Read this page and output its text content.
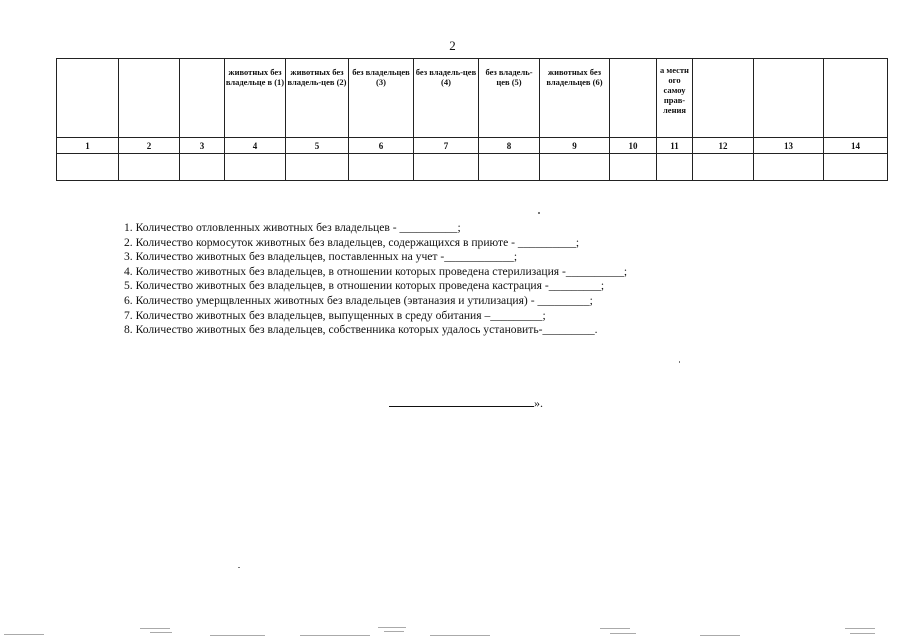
2
			животных без владельце в (1)	животных без владель-цев (2)	без владельцев (3)	без владель-цев (4)	без владель-цев (5)	животных без владельцев (6)		а местн ого самоу прав-ления			
1	2	3	4	5	6	7	8	9	10	11	12	13	14

1. Количество отловленных животных без владельцев - __________;
2. Количество кормосуток животных без владельцев, содержащихся в приюте - __________;
3. Количество животных без владельцев, поставленных на учет -____________;
4. Количество животных без владельцев, в отношении которых проведена стерилизация -__________;
5. Количество животных без владельцев, в отношении которых проведена кастрация -_________;
6. Количество умерщвленных животных без владельцев (эвтаназия и утилизация) - _________;
7. Количество животных без владельцев, выпущенных в среду обитания –_________;
8. Количество животных без владельцев, собственника которых удалось установить-_________.
».
